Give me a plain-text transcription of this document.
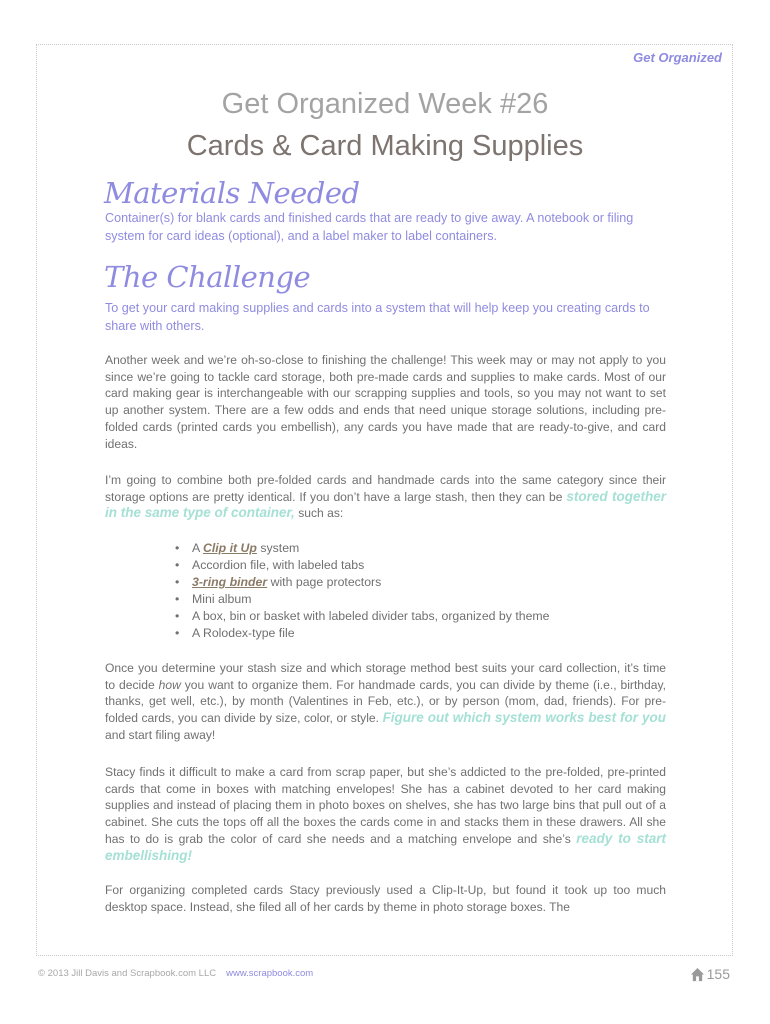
Get Organized
Get Organized Week #26
Cards & Card Making Supplies
Materials Needed
Container(s) for blank cards and finished cards that are ready to give away. A notebook or filing system for card ideas (optional), and a label maker to label containers.
The Challenge
To get your card making supplies and cards into a system that will help keep you creating cards to share with others.
Another week and we’re oh-so-close to finishing the challenge! This week may or may not apply to you since we’re going to tackle card storage, both pre-made cards and supplies to make cards. Most of our card making gear is interchangeable with our scrapping supplies and tools, so you may not want to set up another system. There are a few odds and ends that need unique storage solutions, including pre-folded cards (printed cards you embellish), any cards you have made that are ready-to-give, and card ideas.
I’m going to combine both pre-folded cards and handmade cards into the same category since their storage options are pretty identical. If you don’t have a large stash, then they can be stored together in the same type of container, such as:
• A Clip it Up system
• Accordion file, with labeled tabs
• 3-ring binder with page protectors
• Mini album
• A box, bin or basket with labeled divider tabs, organized by theme
• A Rolodex-type file
Once you determine your stash size and which storage method best suits your card collection, it’s time to decide how you want to organize them. For handmade cards, you can divide by theme (i.e., birthday, thanks, get well, etc.), by month (Valentines in Feb, etc.), or by person (mom, dad, friends). For pre-folded cards, you can divide by size, color, or style. Figure out which system works best for you and start filing away!
Stacy finds it difficult to make a card from scrap paper, but she’s addicted to the pre-folded, pre-printed cards that come in boxes with matching envelopes! She has a cabinet devoted to her card making supplies and instead of placing them in photo boxes on shelves, she has two large bins that pull out of a cabinet. She cuts the tops off all the boxes the cards come in and stacks them in these drawers. All she has to do is grab the color of card she needs and a matching envelope and she’s ready to start embellishing!
For organizing completed cards Stacy previously used a Clip-It-Up, but found it took up too much desktop space. Instead, she filed all of her cards by theme in photo storage boxes. The
© 2013 Jill Davis and Scrapbook.com LLC www.scrapbook.com	155
